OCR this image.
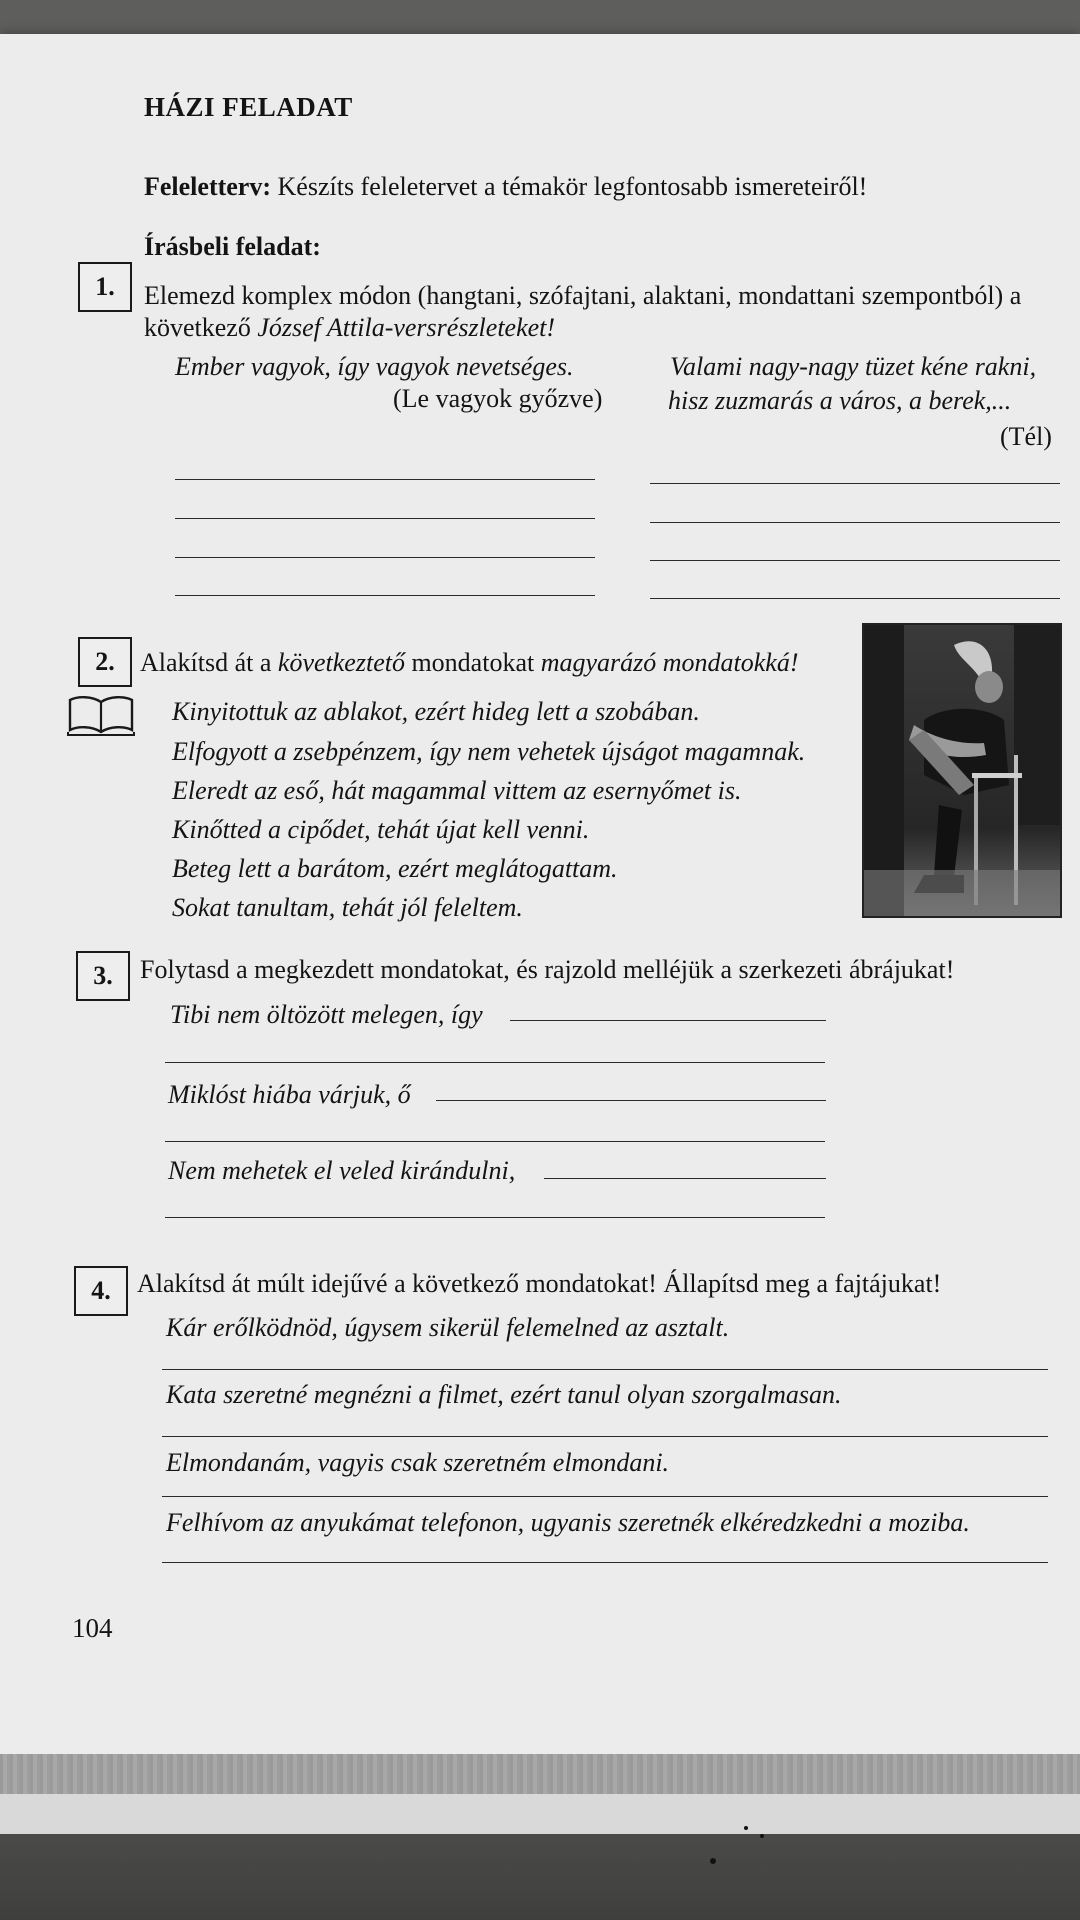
HÁZI FELADAT
Feleletterv: Készíts feleletervet a témakör legfontosabb ismereteiről!
Írásbeli feladat:
1.	Elemezd komplex módon (hangtani, szófajtani, alaktani, mondattani szempontból) a
következő József Attila-versrészleteket!
Ember vagyok, így vagyok nevetséges.
(Le vagyok győzve)
Valami nagy-nagy tüzet kéne rakni,
hisz zuzmarás a város, a berek,...
(Tél)
2. Alakítsd át a következtető mondatokat magyarázó mondatokká!
Kinyitottuk az ablakot, ezért hideg lett a szobában.
Elfogyott a zsebpénzem, így nem vehetek újságot magamnak.
Eleredt az eső, hát magammal vittem az esernyőmet is.
Kinőtted a cipődet, tehát újat kell venni.
Beteg lett a barátom, ezért meglátogattam.
Sokat tanultam, tehát jól feleltem.
3.	Folytasd a megkezdett mondatokat, és rajzold melléjük a szerkezeti ábrájukat!
Tibi nem öltözött melegen, így
Miklóst hiába várjuk, ő
Nem mehetek el veled kirándulni,
4.	Alakítsd át múlt idejűvé a következő mondatokat! Állapítsd meg a fajtájukat!
Kár erőlködnöd, úgysem sikerül felemelned az asztalt.
Kata szeretné megnézni a filmet, ezért tanul olyan szorgalmasan.
Elmondanám, vagyis csak szeretném elmondani.
Felhívom az anyukámat telefonon, ugyanis szeretnék elkéredzkedni a moziba.
104
